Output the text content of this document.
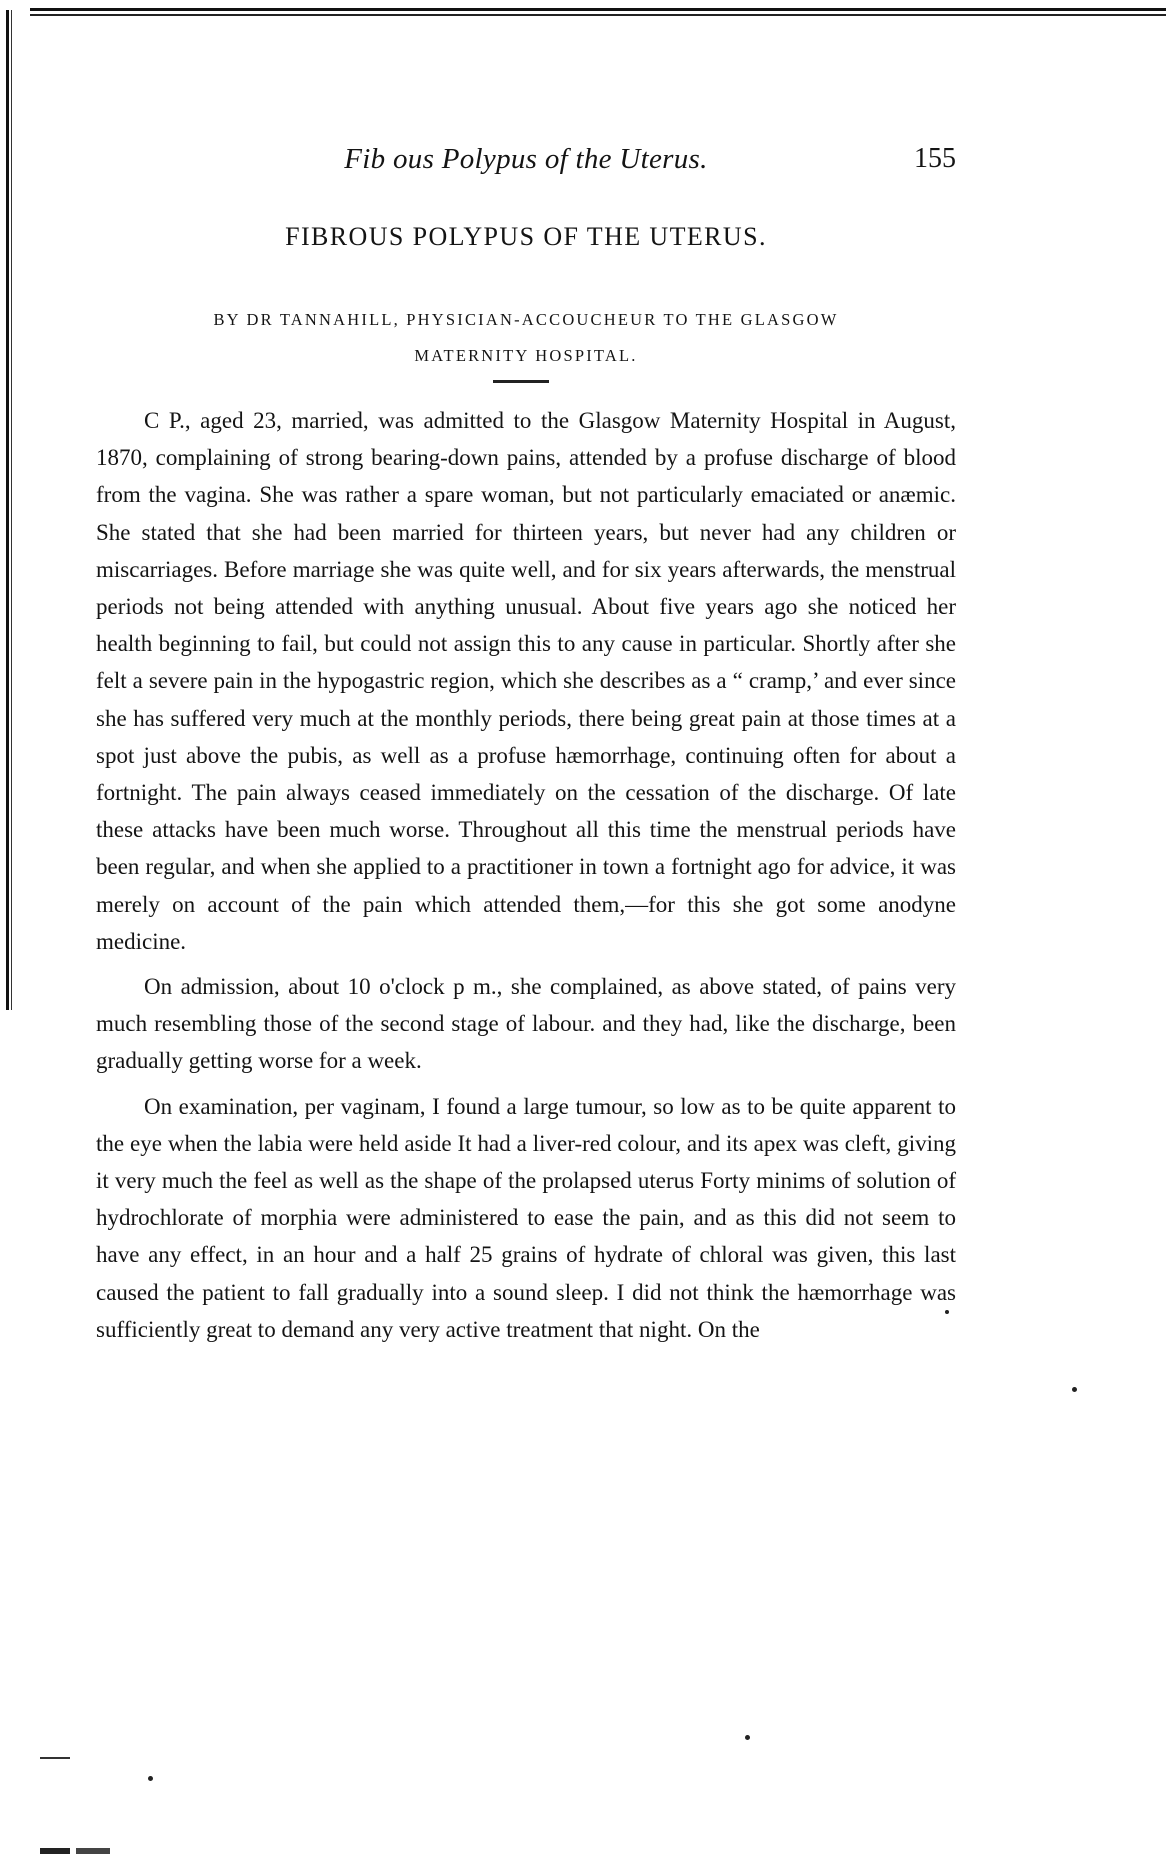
Fib ous Polypus of the Uterus.	155
FIBROUS POLYPUS OF THE UTERUS.
BY DR TANNAHILL, PHYSICIAN-ACCOUCHEUR TO THE GLASGOW
MATERNITY HOSPITAL.

C P., aged 23, married, was admitted to the Glasgow Maternity Hospital in August, 1870, complaining of strong bearing-down pains, attended by a profuse discharge of blood from the vagina. She was rather a spare woman, but not particularly emaciated or anæmic. She stated that she had been married for thirteen years, but never had any children or miscarriages. Before marriage she was quite well, and for six years afterwards, the menstrual periods not being attended with anything unusual. About five years ago she noticed her health beginning to fail, but could not assign this to any cause in particular. Shortly after she felt a severe pain in the hypogastric region, which she describes as a “ cramp,’ and ever since she has suffered very much at the monthly periods, there being great pain at those times at a spot just above the pubis, as well as a profuse hæmorrhage, continuing often for about a fortnight. The pain always ceased immediately on the cessation of the discharge. Of late these attacks have been much worse. Throughout all this time the menstrual periods have been regular, and when she applied to a practitioner in town a fortnight ago for advice, it was merely on account of the pain which attended them,—for this she got some anodyne medicine.

On admission, about 10 o'clock p m., she complained, as above stated, of pains very much resembling those of the second stage of labour. and they had, like the discharge, been gradually getting worse for a week.

On examination, per vaginam, I found a large tumour, so low as to be quite apparent to the eye when the labia were held aside It had a liver-red colour, and its apex was cleft, giving it very much the feel as well as the shape of the prolapsed uterus Forty minims of solution of hydrochlorate of morphia were administered to ease the pain, and as this did not seem to have any effect, in an hour and a half 25 grains of hydrate of chloral was given, this last caused the patient to fall gradually into a sound sleep. I did not think the hæmorrhage was sufficiently great to demand any very active treatment that night. On the
